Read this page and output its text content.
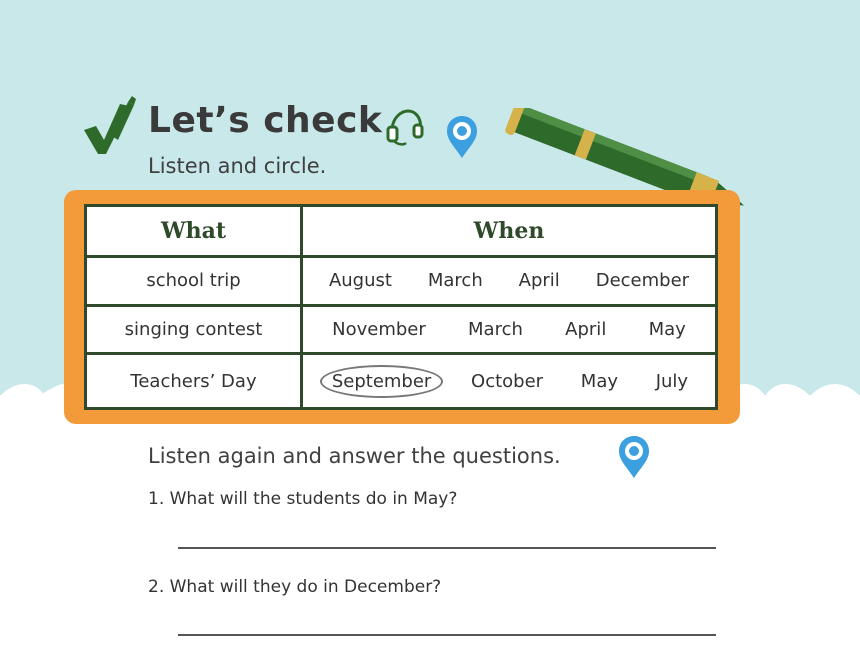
Let’s check
Listen and circle.
What	When
school trip	August March April December

singing contest	November March April May

Teachers’ Day	September October May July
Listen again and answer the questions.
1. What will the students do in May?
2. What will they do in December?
